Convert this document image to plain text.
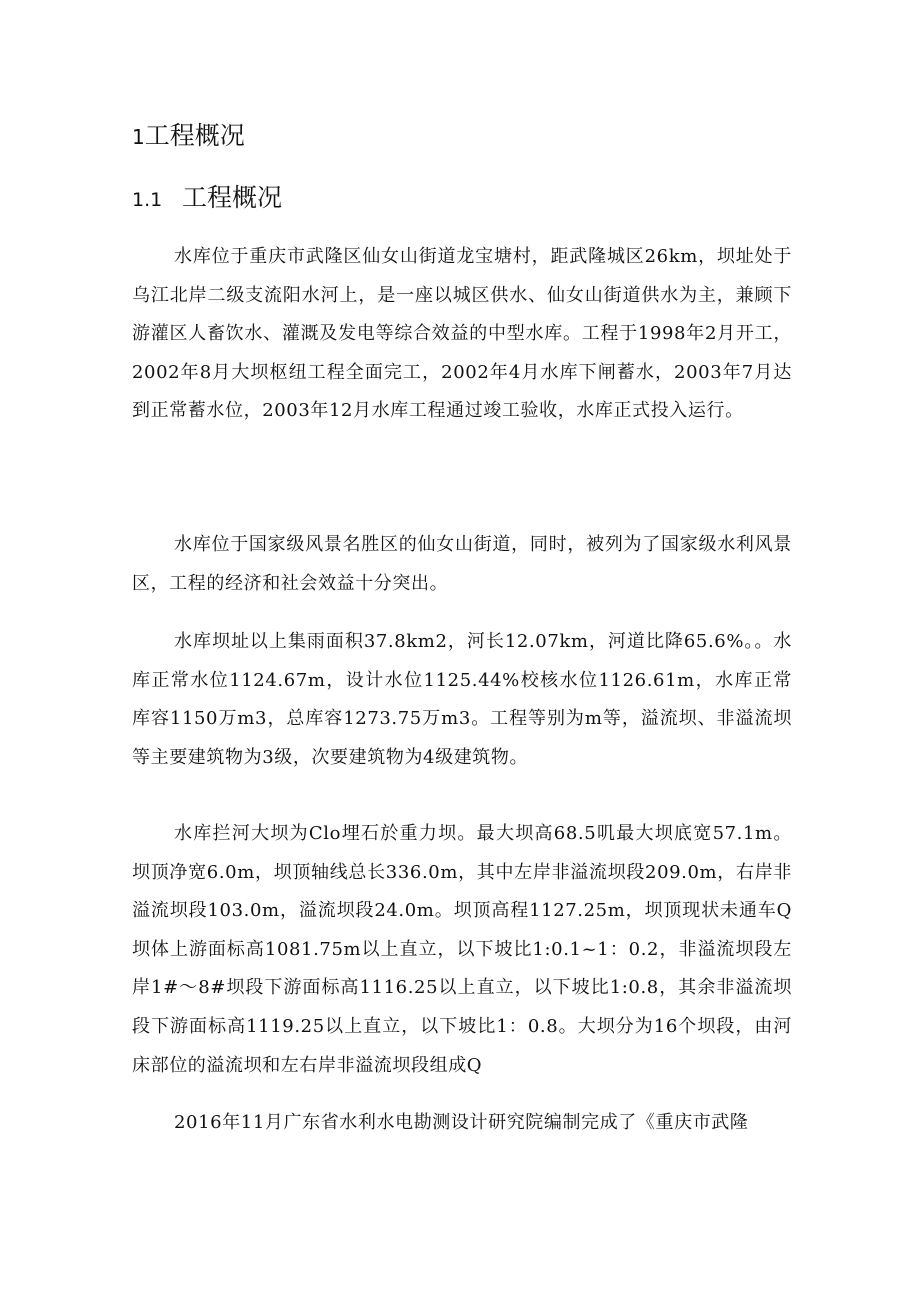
1工程概况
1.1 工程概况

水库位于重庆市武隆区仙女山街道龙宝塘村，距武隆城区26km，坝址处于乌江北岸二级支流阳水河上，是一座以城区供水、仙女山街道供水为主，兼顾下游灌区人畜饮水、灌溉及发电等综合效益的中型水库。工程于1998年2月开工，2002年8月大坝枢纽工程全面完工，2002年4月水库下闸蓄水，2003年7月达到正常蓄水位，2003年12月水库工程通过竣工验收，水库正式投入运行。

水库位于国家级风景名胜区的仙女山街道，同时，被列为了国家级水利风景区，工程的经济和社会效益十分突出。

水库坝址以上集雨面积37.8km2，河长12.07km，河道比降65.6%。。水库正常水位1124.67m，设计水位1125.44%校核水位1126.61m，水库正常库容1150万m3，总库容1273.75万m3。工程等别为m等，溢流坝、非溢流坝等主要建筑物为3级，次要建筑物为4级建筑物。

水库拦河大坝为Clo埋石於重力坝。最大坝高68.5叽最大坝底宽57.1m。坝顶净宽6.0m，坝顶轴线总长336.0m，其中左岸非溢流坝段209.0m，右岸非溢流坝段103.0m，溢流坝段24.0m。坝顶高程1127.25m，坝顶现状未通车Q坝体上游面标高1081.75m以上直立，以下坡比1:0.1~1：0.2，非溢流坝段左岸1#～8#坝段下游面标高1116.25以上直立，以下坡比1:0.8，其余非溢流坝段下游面标高1119.25以上直立，以下坡比1：0.8。大坝分为16个坝段，由河床部位的溢流坝和左右岸非溢流坝段组成Q

2016年11月广东省水利水电勘测设计研究院编制完成了《重庆市武隆
